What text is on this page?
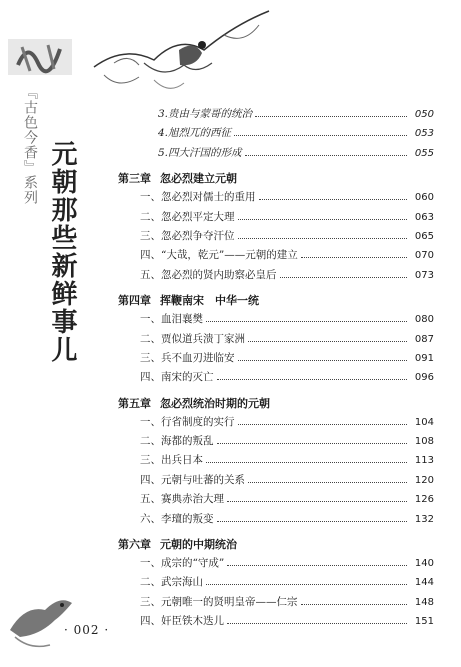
『古色今香』系列 元朝那些新鲜事儿
· 002 ·
3.贵由与蒙哥的统治	050
4.旭烈兀的西征	053
5.四大汗国的形成	055
第三章 忽必烈建立元朝
一、忽必烈对儒士的重用	060
二、忽必烈平定大理	063
三、忽必烈争夺汗位	065
四、“大哉，乾元”——元朝的建立	070
五、忽必烈的贤内助察必皇后	073
第四章 挥鞭南宋　中华一统
一、血泪襄樊	080
二、贾似道兵溃丁家洲	087
三、兵不血刃进临安	091
四、南宋的灭亡	096
第五章 忽必烈统治时期的元朝
一、行省制度的实行	104
二、海都的叛乱	108
三、出兵日本	113
四、元朝与吐蕃的关系	120
五、赛典赤治大理	126
六、李璮的叛变	132
第六章 元朝的中期统治
一、成宗的“守成”	140
二、武宗海山	144
三、元朝唯一的贤明皇帝——仁宗	148
四、奸臣铁木迭儿	151
